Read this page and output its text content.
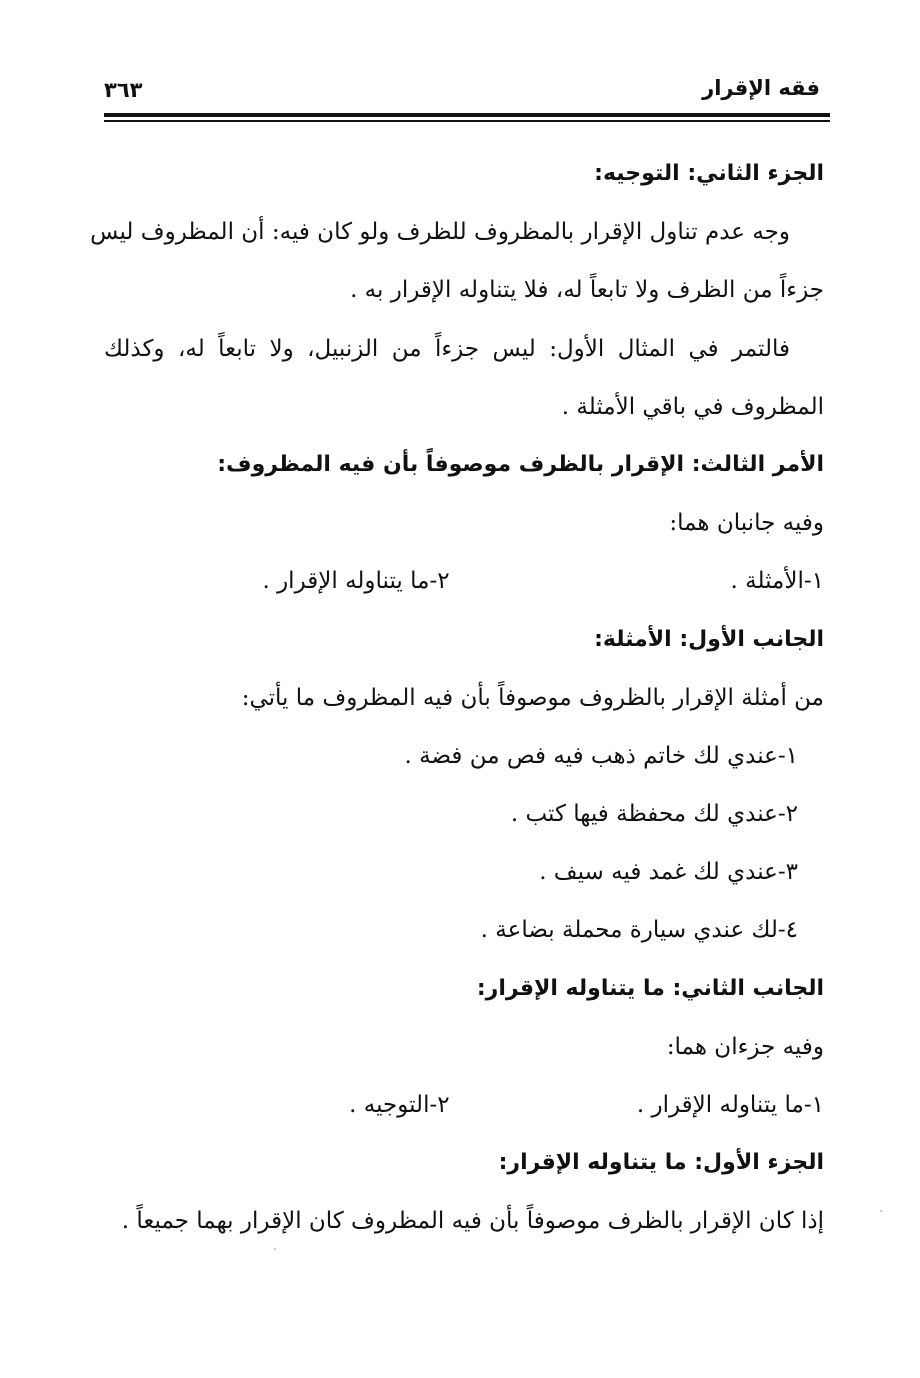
فقه الإقرار
٣٦٣
الجزء الثاني: التوجيه:
وجه عدم تناول الإقرار بالمظروف للظرف ولو كان فيه: أن المظروف ليس
جزءاً من الظرف ولا تابعاً له، فلا يتناوله الإقرار به .
فالتمر في المثال الأول: ليس جزءاً من الزنبيل، ولا تابعاً له، وكذلك
المظروف في باقي الأمثلة .
الأمر الثالث: الإقرار بالظرف موصوفاً بأن فيه المظروف:
وفيه جانبان هما:
١-الأمثلة .
٢-ما يتناوله الإقرار .
الجانب الأول: الأمثلة:
من أمثلة الإقرار بالظروف موصوفاً بأن فيه المظروف ما يأتي:
١-عندي لك خاتم ذهب فيه فص من فضة .
٢-عندي لك محفظة فيها كتب .
٣-عندي لك غمد فيه سيف .
٤-لك عندي سيارة محملة بضاعة .
الجانب الثاني: ما يتناوله الإقرار:
وفيه جزءان هما:
١-ما يتناوله الإقرار .
٢-التوجيه .
الجزء الأول: ما يتناوله الإقرار:
إذا كان الإقرار بالظرف موصوفاً بأن فيه المظروف كان الإقرار بهما جميعاً .
